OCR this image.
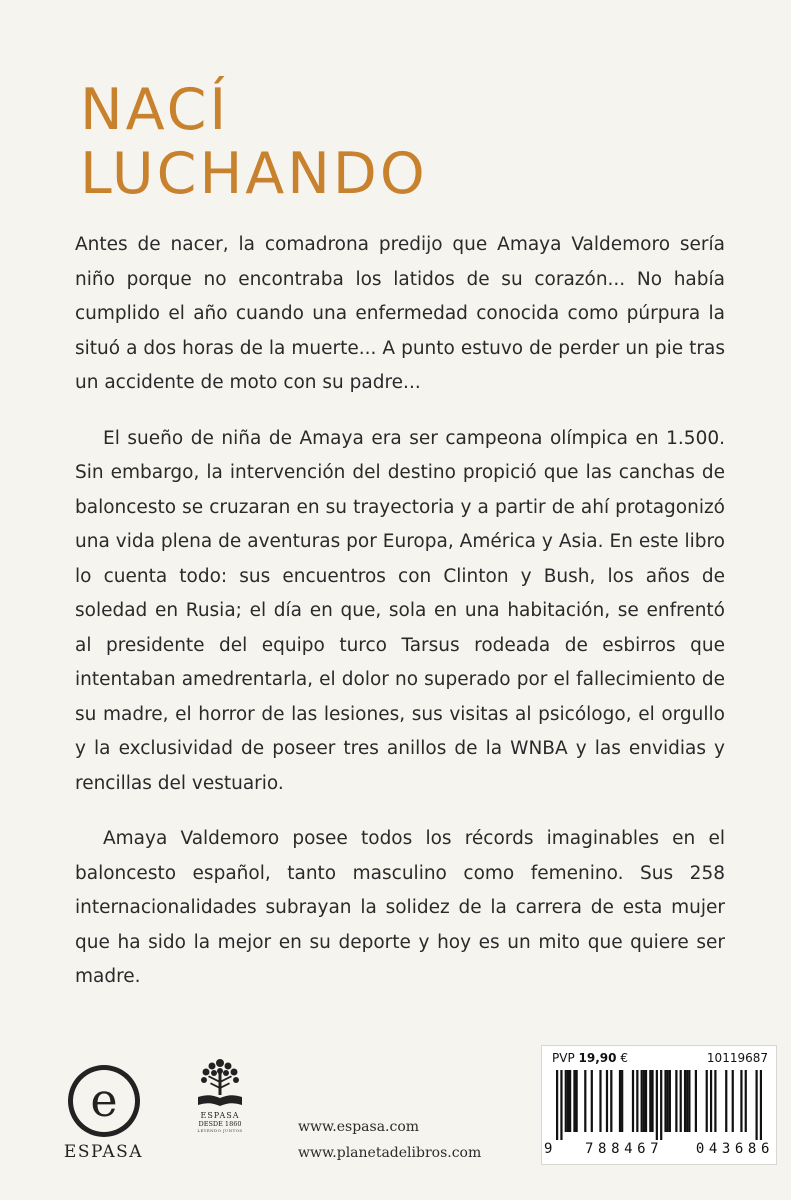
NACÍ
LUCHANDO

Antes de nacer, la comadrona predijo que Amaya Valdemoro sería niño porque no encontraba los latidos de su corazón... No había cumplido el año cuando una enfermedad conocida como púrpura la situó a dos horas de la muerte... A punto estuvo de perder un pie tras un accidente de moto con su padre...

El sueño de niña de Amaya era ser campeona olímpica en 1.500. Sin embargo, la intervención del destino propició que las canchas de baloncesto se cruzaran en su trayectoria y a partir de ahí protagonizó una vida plena de aventuras por Europa, América y Asia. En este libro lo cuenta todo: sus encuentros con Clinton y Bush, los años de soledad en Rusia; el día en que, sola en una habitación, se enfrentó al presidente del equipo turco Tarsus rodeada de esbirros que intentaban amedrentarla, el dolor no superado por el fallecimiento de su madre, el horror de las lesiones, sus visitas al psicólogo, el orgullo y la exclusividad de poseer tres anillos de la WNBA y las envidias y rencillas del vestuario.

Amaya Valdemoro posee todos los récords imaginables en el baloncesto español, tanto masculino como femenino. Sus 258 internacionalidades subrayan la solidez de la carrera de esta mujer que ha sido la mejor en su deporte y hoy es un mito que quiere ser madre.

e
ESPASA
ESPASA
DESDE 1860
LEYENDO JUNTOS	www.espasa.com
www.planetadelibros.com
PVP 19,90 €	10119687
9 788467 043686
